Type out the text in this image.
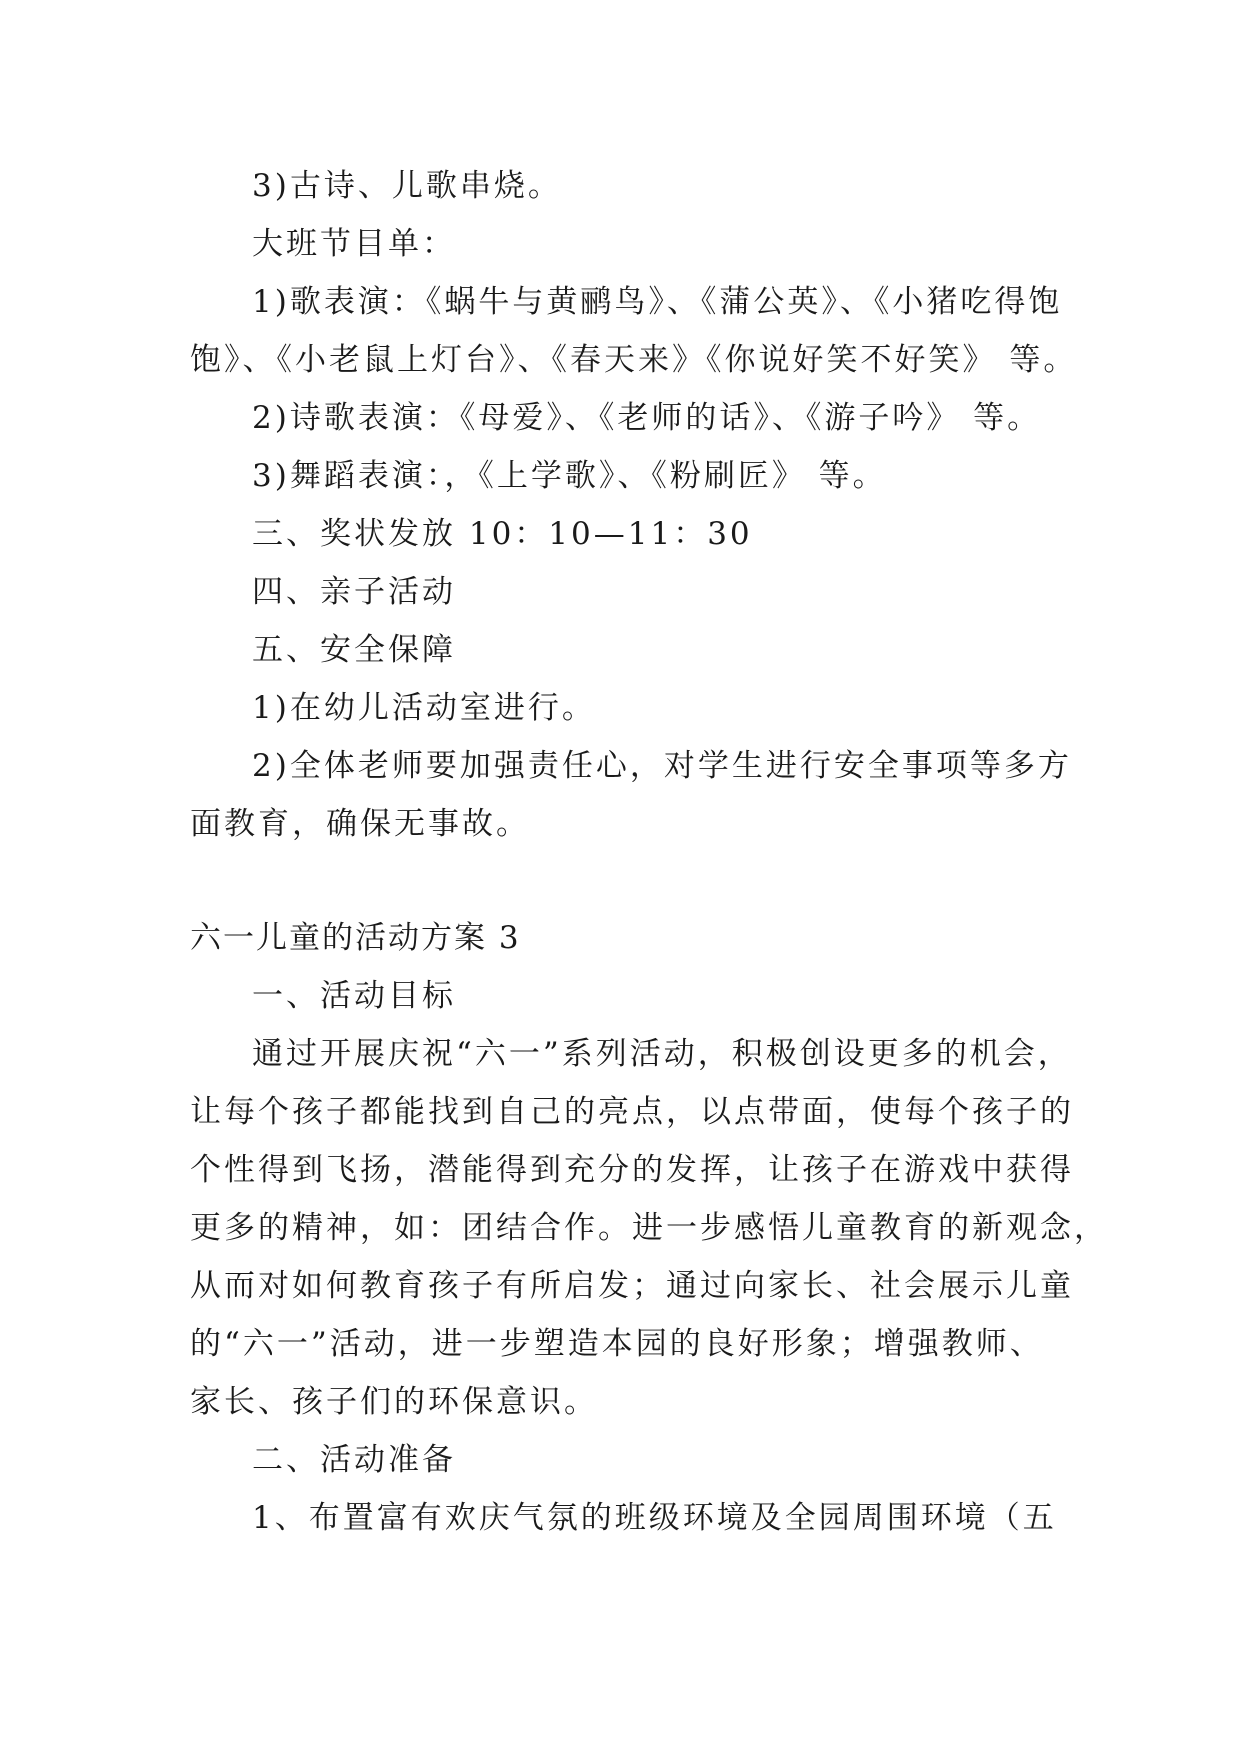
3)古诗、儿歌串烧。
大班节目单：
1)歌表演：《蜗牛与黄鹂鸟》、《蒲公英》、《小猪吃得饱
饱》、《小老鼠上灯台》、《春天来》《你说好笑不好笑》 等。
2)诗歌表演：《母爱》、《老师的话》、《游子吟》 等。
3)舞蹈表演：，《上学歌》、《粉刷匠》 等。
三、奖状发放 10：10—11：30
四、亲子活动
五、安全保障
1)在幼儿活动室进行。
2)全体老师要加强责任心，对学生进行安全事项等多方
面教育，确保无事故。
六一儿童的活动方案 3
一、活动目标
通过开展庆祝“六一”系列活动，积极创设更多的机会，
让每个孩子都能找到自己的亮点，以点带面，使每个孩子的
个性得到飞扬，潜能得到充分的发挥，让孩子在游戏中获得
更多的精神，如：团结合作。进一步感悟儿童教育的新观念，
从而对如何教育孩子有所启发；通过向家长、社会展示儿童
的“六一”活动，进一步塑造本园的良好形象；增强教师、
家长、孩子们的环保意识。
二、活动准备
1、布置富有欢庆气氛的班级环境及全园周围环境（五
